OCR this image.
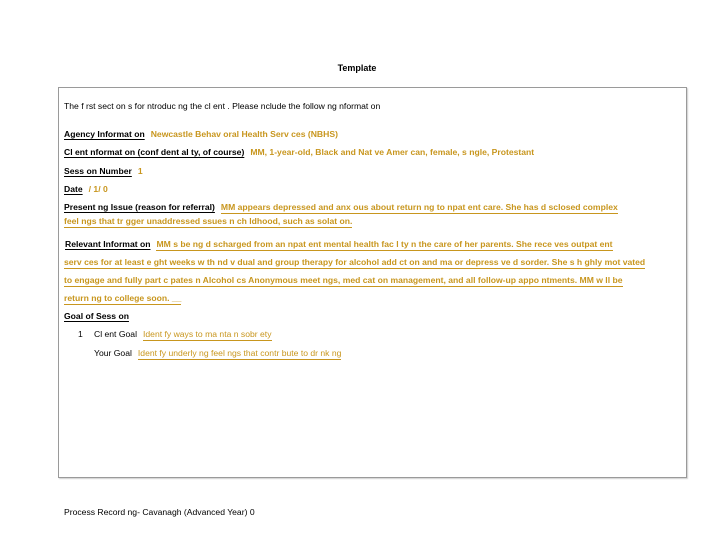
Template
The f rst sect on s for ntroduc ng the cl ent . Please nclude the follow ng nformat on
Agency Informat on Newcastle Behav oral Health Serv ces (NBHS)
Cl ent nformat on (conf dent al ty, of course) MM, 1-year-old, Black and Nat ve Amer can, female, s ngle, Protestant
Sess on Number 1
Date / 1/ 0
Present ng Issue (reason for referral) MM appears depressed and anx ous about return ng to npat ent care. She has d sclosed complex
feel ngs that tr gger unaddressed ssues n ch ldhood, such as solat on.
Relevant Informat on MM s be ng d scharged from an npat ent mental health fac l ty n the care of her parents. She rece ves outpat ent
serv ces for at least e ght weeks w th nd v dual and group therapy for alcohol add ct on and ma or depress ve d sorder. She s h ghly mot vated
to engage and fully part c pates n Alcohol cs Anonymous meet ngs, med cat on management, and all follow-up appo ntments. MM w ll be
return ng to college soon. __
Goal of Sess on
1 Cl ent Goal Ident fy ways to ma nta n sobr ety
Your Goal Ident fy underly ng feel ngs that contr bute to dr nk ng
Process Record ng- Cavanagh (Advanced Year) 0
